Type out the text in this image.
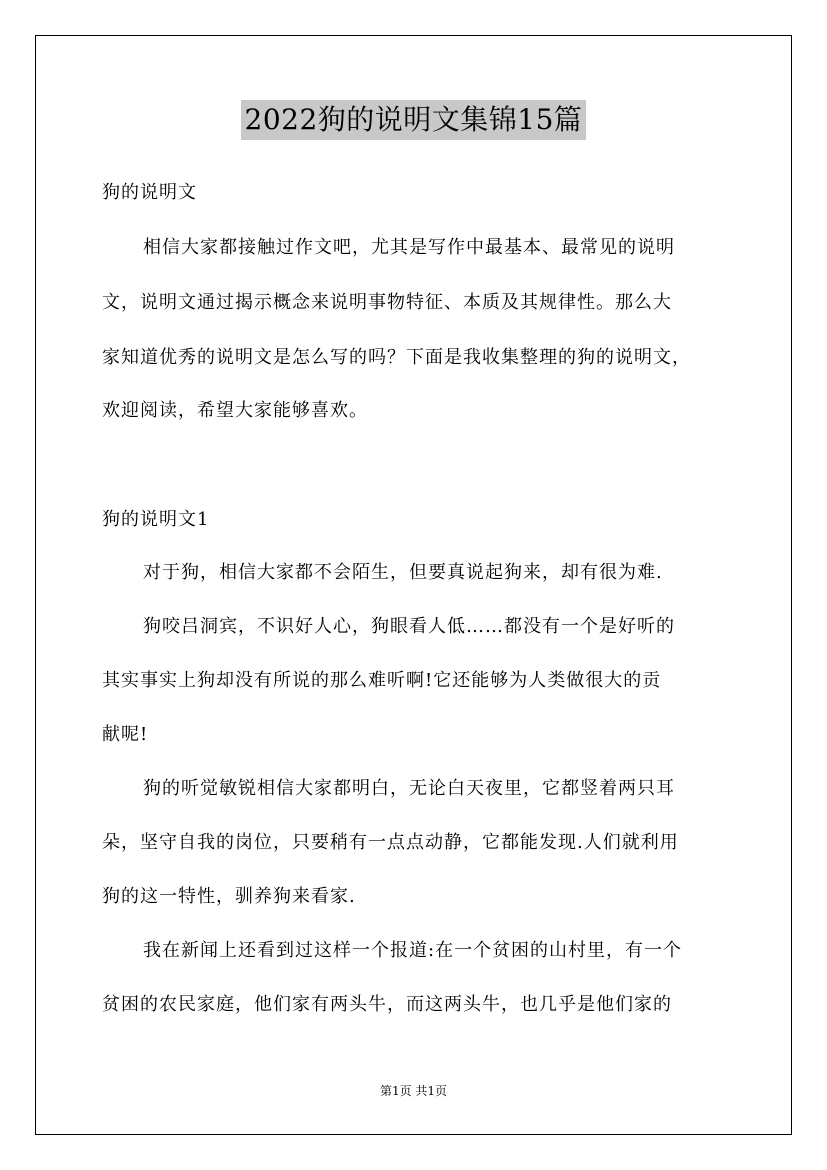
2022狗的说明文集锦15篇
狗的说明文
相信大家都接触过作文吧，尤其是写作中最基本、最常见的说明
文，说明文通过揭示概念来说明事物特征、本质及其规律性。那么大
家知道优秀的说明文是怎么写的吗？下面是我收集整理的狗的说明文，
欢迎阅读，希望大家能够喜欢。
狗的说明文1
对于狗，相信大家都不会陌生，但要真说起狗来，却有很为难.
狗咬吕洞宾，不识好人心，狗眼看人低……都没有一个是好听的
其实事实上狗却没有所说的那么难听啊!它还能够为人类做很大的贡
献呢!
狗的听觉敏锐相信大家都明白，无论白天夜里，它都竖着两只耳
朵，坚守自我的岗位，只要稍有一点点动静，它都能发现.人们就利用
狗的这一特性，驯养狗来看家.
我在新闻上还看到过这样一个报道:在一个贫困的山村里，有一个
贫困的农民家庭，他们家有两头牛，而这两头牛，也几乎是他们家的
第1页 共1页
